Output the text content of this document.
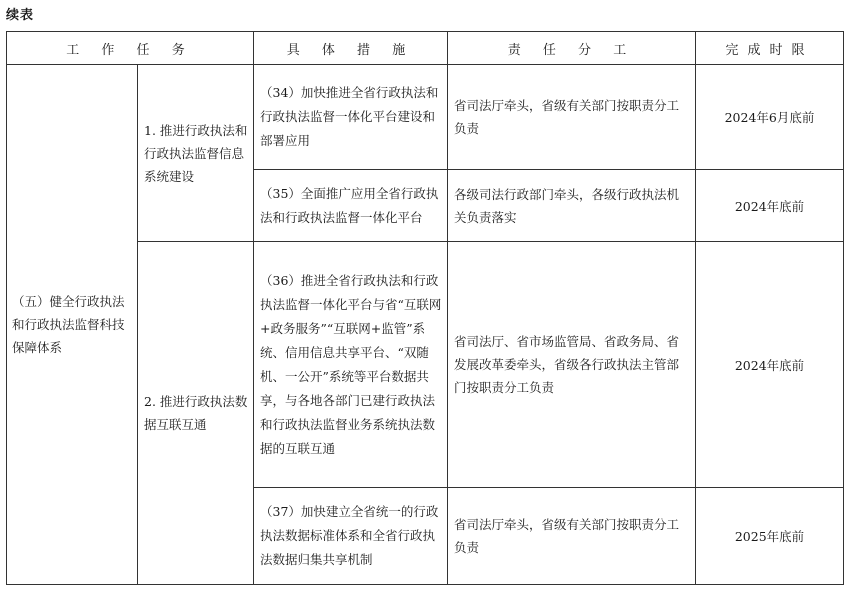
续表
工 作 任 务		具 体 措 施	责 任 分 工	完成时限
（五）健全行政执法和行政执法监督科技保障体系	1. 推进行政执法和行政执法监督信息系统建设	（34）加快推进全省行政执法和行政执法监督一体化平台建设和部署应用	省司法厅牵头，省级有关部门按职责分工负责	2024年6月底前
		（35）全面推广应用全省行政执法和行政执法监督一体化平台	各级司法行政部门牵头，各级行政执法机关负责落实	2024年底前
	2. 推进行政执法数据互联互通	（36）推进全省行政执法和行政执法监督一体化平台与省“互联网+政务服务”“互联网+监管”系统、信用信息共享平台、“双随机、一公开”系统等平台数据共享，与各地各部门已建行政执法和行政执法监督业务系统执法数据的互联互通	省司法厅、省市场监管局、省政务局、省发展改革委牵头，省级各行政执法主管部门按职责分工负责	2024年底前
		（37）加快建立全省统一的行政执法数据标准体系和全省行政执法数据归集共享机制	省司法厅牵头，省级有关部门按职责分工负责	2025年底前
